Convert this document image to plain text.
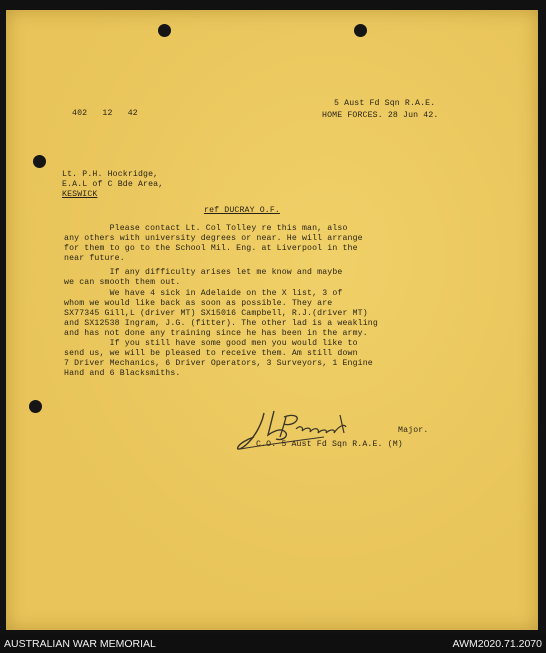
402   12   42
5 Aust Fd Sqn R.A.E.
HOME FORCES. 28 Jun 42.
Lt. P.H. Hockridge,
E.A.L of C Bde Area,
KESWICK
ref DUCRAY O.F.
Please contact Lt. Col Tolley re this man, also
any others with university degrees or near. He will arrange
for them to go to the School Mil. Eng. at Liverpool in the
near future.
If any difficulty arises let me know and maybe
we can smooth them out.
We have 4 sick in Adelaide on the X list, 3 of
whom we would like back as soon as possible. They are
SX77345 Gill,L (driver MT) SX15016 Campbell, R.J.(driver MT)
and SX12538 Ingram, J.G. (fitter). The other lad is a weakling
and has not done any training since he has been in the army.
If you still have some good men you would like to
send us, we will be pleased to receive them. Am still down
7 Driver Mechanics, 6 Driver Operators, 3 Surveyors, 1 Engine
Hand and 6 Blacksmiths.
Major.
C.O. 5 Aust Fd Sqn R.A.E. (M)
AUSTRALIAN WAR MEMORIAL	AWM2020.71.2070
